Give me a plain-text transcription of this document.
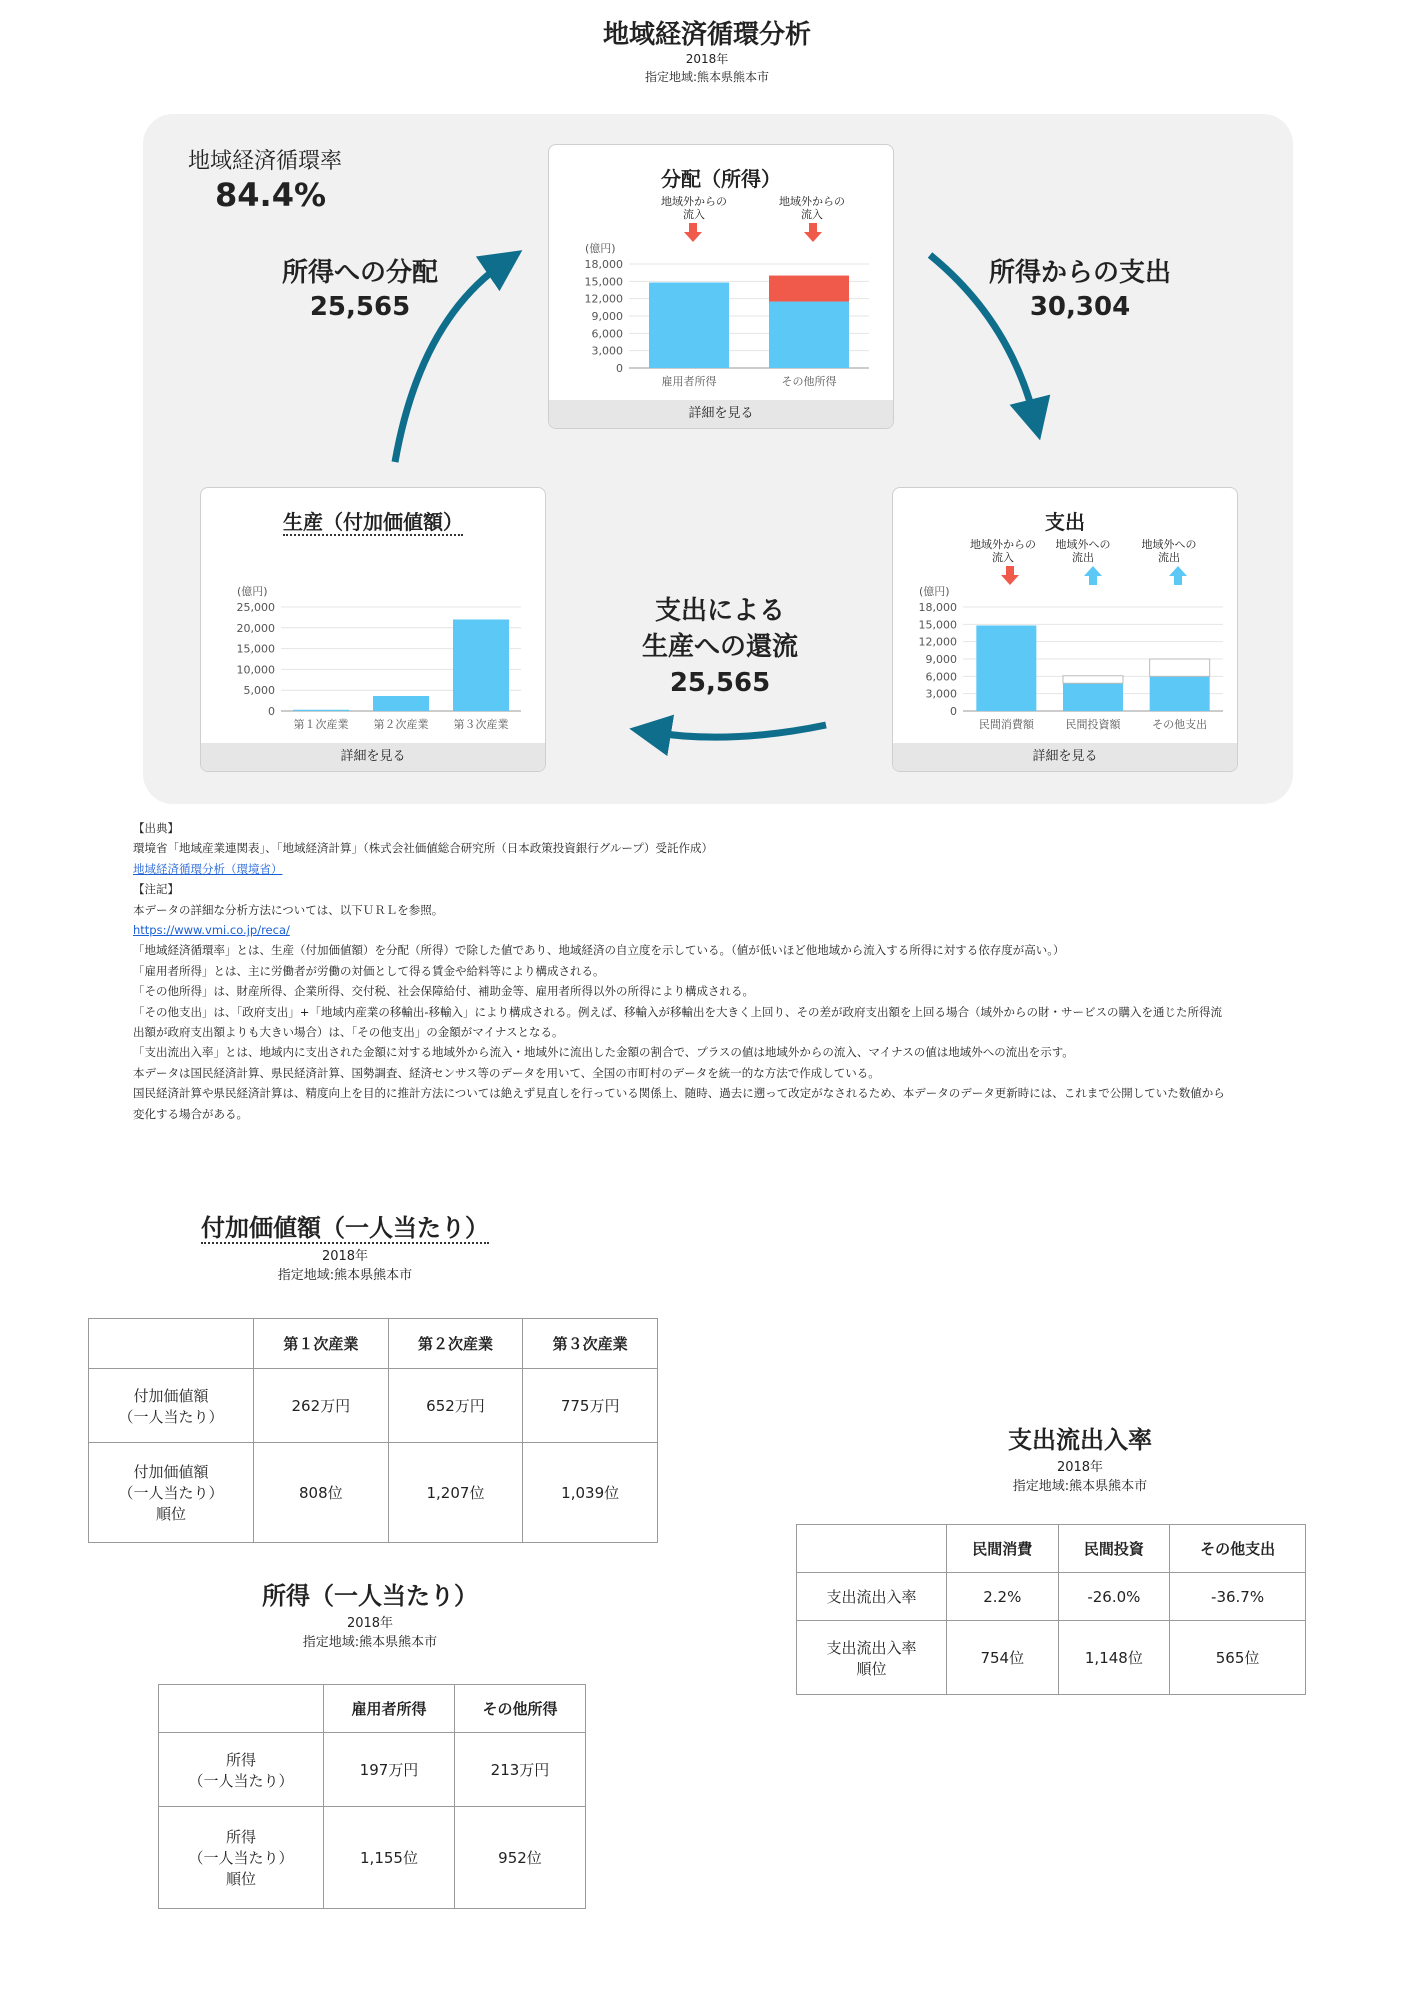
地域経済循環分析
2018年
指定地域:熊本県熊本市
地域経済循環率
84.4%
所得への分配
25,565
所得からの支出
30,304
支出による
生産への還流
25,565
分配（所得）
地域外からの
流入
地域外からの
流入
(億円)
18,000
15,000
12,000
9,000
6,000
3,000
0
雇用者所得	その他所得
詳細を見る
生産（付加価値額）
(億円)
25,000
20,000
15,000
10,000
5,000
0
第１次産業 第２次産業 第３次産業
詳細を見る
支出
地域外からの
流入
地域外への
流出
地域外への
流出
(億円)
18,000
15,000
12,000
9,000
6,000
3,000
0
民間消費額	民間投資額	その他支出
詳細を見る
【出典】
環境省「地域産業連関表」、「地域経済計算」（株式会社価値総合研究所（日本政策投資銀行グループ）受託作成）
地域経済循環分析（環境省）
【注記】
本データの詳細な分析方法については、以下ＵＲＬを参照。
https://www.vmi.co.jp/reca/
「地域経済循環率」とは、生産（付加価値額）を分配（所得）で除した値であり、地域経済の自立度を示している。（値が低いほど他地域から流入する所得に対する依存度が高い。）
「雇用者所得」とは、主に労働者が労働の対価として得る賃金や給料等により構成される。
「その他所得」は、財産所得、企業所得、交付税、社会保障給付、補助金等、雇用者所得以外の所得により構成される。
「その他支出」は、「政府支出」+「地域内産業の移輸出-移輸入」により構成される。例えば、移輸入が移輸出を大きく上回り、その差が政府支出額を上回る場合（域外からの財・サービスの購入を通じた所得流
出額が政府支出額よりも大きい場合）は、「その他支出」の金額がマイナスとなる。
「支出流出入率」とは、地域内に支出された金額に対する地域外から流入・地域外に流出した金額の割合で、プラスの値は地域外からの流入、マイナスの値は地域外への流出を示す。
本データは国民経済計算、県民経済計算、国勢調査、経済センサス等のデータを用いて、全国の市町村のデータを統一的な方法で作成している。
国民経済計算や県民経済計算は、精度向上を目的に推計方法については絶えず見直しを行っている関係上、随時、過去に遡って改定がなされるため、本データのデータ更新時には、これまで公開していた数値から
変化する場合がある。
付加価値額（一人当たり）
2018年
指定地域:熊本県熊本市
	第１次産業	第２次産業	第３次産業
付加価値額
（一人当たり）	262万円	652万円	775万円
付加価値額
（一人当たり）
順位	808位	1,207位	1,039位
所得（一人当たり）
2018年
指定地域:熊本県熊本市
	雇用者所得	その他所得
所得
（一人当たり）	197万円	213万円
所得
（一人当たり）
順位	1,155位	952位
支出流出入率
2018年
指定地域:熊本県熊本市
	民間消費	民間投資	その他支出
支出流出入率	2.2%	-26.0%	-36.7%
支出流出入率
順位	754位	1,148位	565位
